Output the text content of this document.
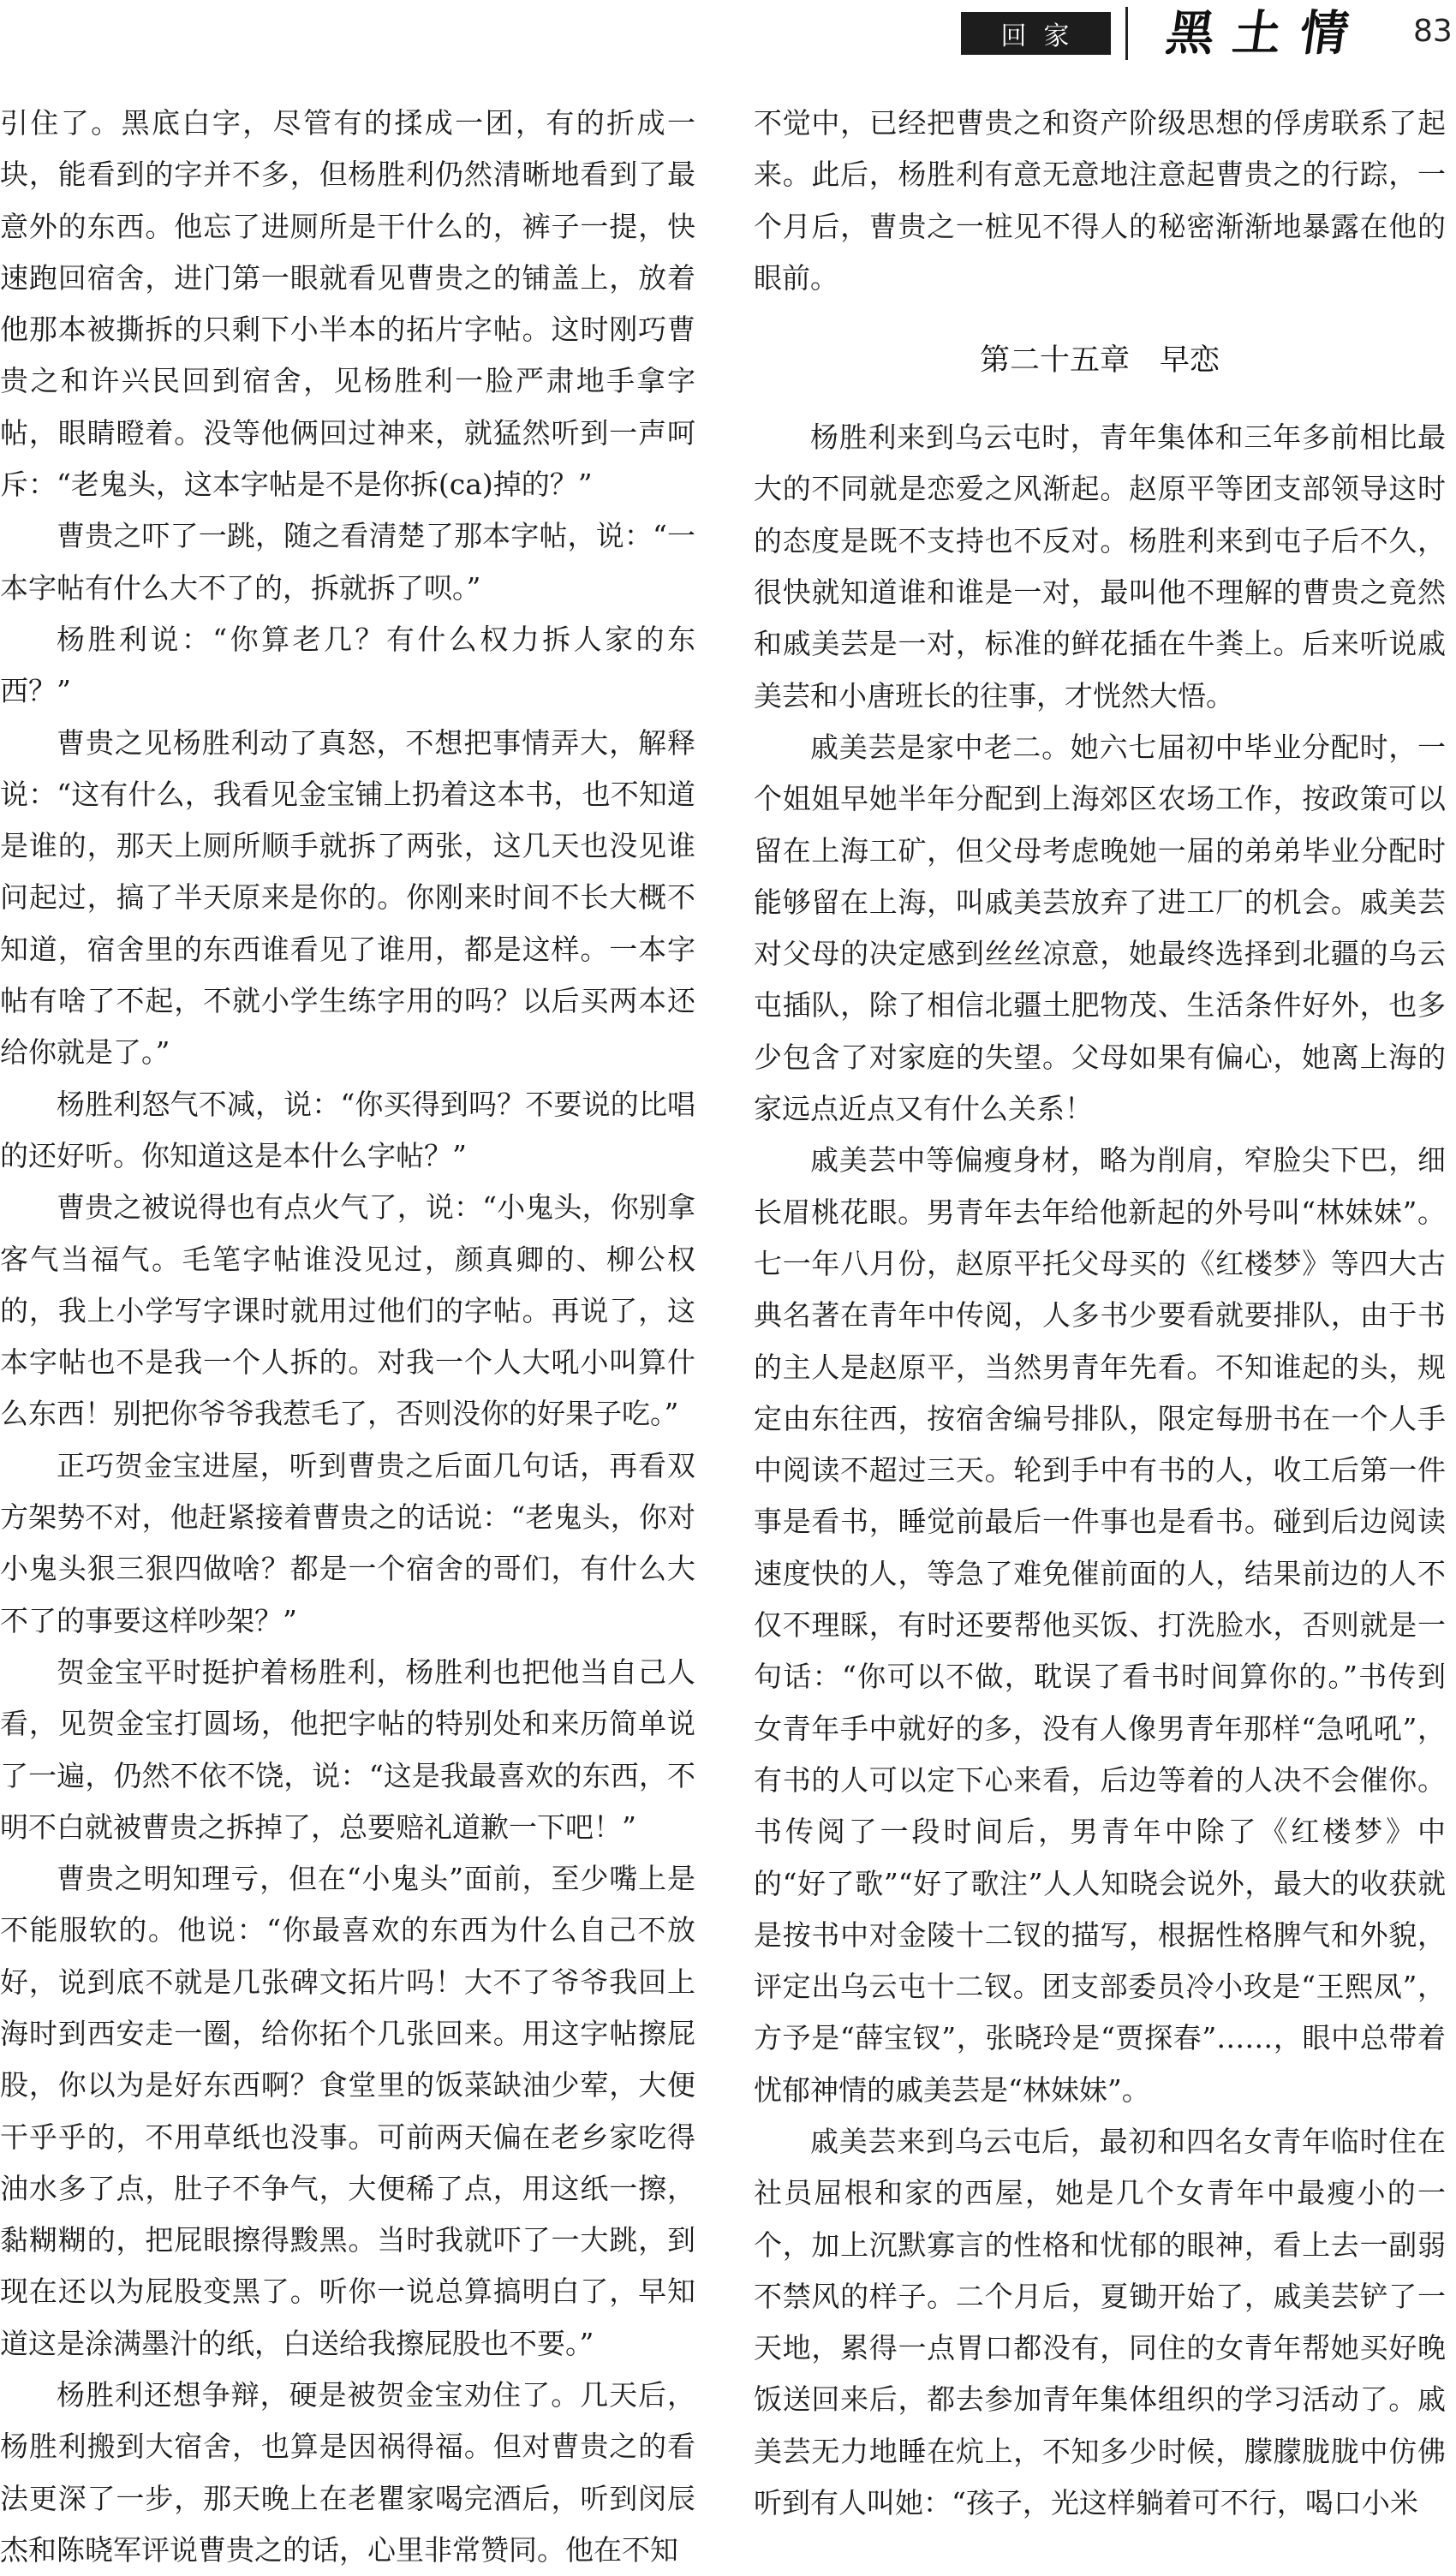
回家	黑土情 83

引住了。黑底白字，尽管有的揉成一团，有的折成一块，能看到的字并不多，但杨胜利仍然清晰地看到了最意外的东西。他忘了进厕所是干什么的，裤子一提，快速跑回宿舍，进门第一眼就看见曹贵之的铺盖上，放着他那本被撕拆的只剩下小半本的拓片字帖。这时刚巧曹贵之和许兴民回到宿舍，见杨胜利一脸严肃地手拿字帖，眼睛瞪着。没等他俩回过神来，就猛然听到一声呵斥：“老鬼头，这本字帖是不是你拆(ca)掉的？”

曹贵之吓了一跳，随之看清楚了那本字帖，说：“一本字帖有什么大不了的，拆就拆了呗。”

杨胜利说：“你算老几？有什么权力拆人家的东西？”

曹贵之见杨胜利动了真怒，不想把事情弄大，解释说：“这有什么，我看见金宝铺上扔着这本书，也不知道是谁的，那天上厕所顺手就拆了两张，这几天也没见谁问起过，搞了半天原来是你的。你刚来时间不长大概不知道，宿舍里的东西谁看见了谁用，都是这样。一本字帖有啥了不起，不就小学生练字用的吗？以后买两本还给你就是了。”

杨胜利怒气不减，说：“你买得到吗？不要说的比唱的还好听。你知道这是本什么字帖？”

曹贵之被说得也有点火气了，说：“小鬼头，你别拿客气当福气。毛笔字帖谁没见过，颜真卿的、柳公权的，我上小学写字课时就用过他们的字帖。再说了，这本字帖也不是我一个人拆的。对我一个人大吼小叫算什么东西！别把你爷爷我惹毛了，否则没你的好果子吃。”

正巧贺金宝进屋，听到曹贵之后面几句话，再看双方架势不对，他赶紧接着曹贵之的话说：“老鬼头，你对小鬼头狠三狠四做啥？都是一个宿舍的哥们，有什么大不了的事要这样吵架？”

贺金宝平时挺护着杨胜利，杨胜利也把他当自己人看，见贺金宝打圆场，他把字帖的特别处和来历简单说了一遍，仍然不依不饶，说：“这是我最喜欢的东西，不明不白就被曹贵之拆掉了，总要赔礼道歉一下吧！”

曹贵之明知理亏，但在“小鬼头”面前，至少嘴上是不能服软的。他说：“你最喜欢的东西为什么自己不放好，说到底不就是几张碑文拓片吗！大不了爷爷我回上海时到西安走一圈，给你拓个几张回来。用这字帖擦屁股，你以为是好东西啊？食堂里的饭菜缺油少荤，大便干乎乎的，不用草纸也没事。可前两天偏在老乡家吃得油水多了点，肚子不争气，大便稀了点，用这纸一擦，黏糊糊的，把屁眼擦得黢黑。当时我就吓了一大跳，到现在还以为屁股变黑了。听你一说总算搞明白了，早知道这是涂满墨汁的纸，白送给我擦屁股也不要。”

杨胜利还想争辩，硬是被贺金宝劝住了。几天后，杨胜利搬到大宿舍，也算是因祸得福。但对曹贵之的看法更深了一步，那天晚上在老瞿家喝完酒后，听到闵辰杰和陈晓军评说曹贵之的话，心里非常赞同。他在不知

不觉中，已经把曹贵之和资产阶级思想的俘虏联系了起来。此后，杨胜利有意无意地注意起曹贵之的行踪，一个月后，曹贵之一桩见不得人的秘密渐渐地暴露在他的眼前。

第二十五章　早恋

杨胜利来到乌云屯时，青年集体和三年多前相比最大的不同就是恋爱之风渐起。赵原平等团支部领导这时的态度是既不支持也不反对。杨胜利来到屯子后不久，很快就知道谁和谁是一对，最叫他不理解的曹贵之竟然和戚美芸是一对，标准的鲜花插在牛粪上。后来听说戚美芸和小唐班长的往事，才恍然大悟。

戚美芸是家中老二。她六七届初中毕业分配时，一个姐姐早她半年分配到上海郊区农场工作，按政策可以留在上海工矿，但父母考虑晚她一届的弟弟毕业分配时能够留在上海，叫戚美芸放弃了进工厂的机会。戚美芸对父母的决定感到丝丝凉意，她最终选择到北疆的乌云屯插队，除了相信北疆土肥物茂、生活条件好外，也多少包含了对家庭的失望。父母如果有偏心，她离上海的家远点近点又有什么关系！

戚美芸中等偏瘦身材，略为削肩，窄脸尖下巴，细长眉桃花眼。男青年去年给他新起的外号叫“林妹妹”。七一年八月份，赵原平托父母买的《红楼梦》等四大古典名著在青年中传阅，人多书少要看就要排队，由于书的主人是赵原平，当然男青年先看。不知谁起的头，规定由东往西，按宿舍编号排队，限定每册书在一个人手中阅读不超过三天。轮到手中有书的人，收工后第一件事是看书，睡觉前最后一件事也是看书。碰到后边阅读速度快的人，等急了难免催前面的人，结果前边的人不仅不理睬，有时还要帮他买饭、打洗脸水，否则就是一句话：“你可以不做，耽误了看书时间算你的。”书传到女青年手中就好的多，没有人像男青年那样“急吼吼”，有书的人可以定下心来看，后边等着的人决不会催你。书传阅了一段时间后，男青年中除了《红楼梦》中的“好了歌”“好了歌注”人人知晓会说外，最大的收获就是按书中对金陵十二钗的描写，根据性格脾气和外貌，评定出乌云屯十二钗。团支部委员冷小玫是“王熙凤”，方予是“薛宝钗”，张晓玲是“贾探春”……，眼中总带着忧郁神情的戚美芸是“林妹妹”。

戚美芸来到乌云屯后，最初和四名女青年临时住在社员屈根和家的西屋，她是几个女青年中最瘦小的一个，加上沉默寡言的性格和忧郁的眼神，看上去一副弱不禁风的样子。二个月后，夏锄开始了，戚美芸铲了一天地，累得一点胃口都没有，同住的女青年帮她买好晚饭送回来后，都去参加青年集体组织的学习活动了。戚美芸无力地睡在炕上，不知多少时候，朦朦胧胧中仿佛听到有人叫她：“孩子，光这样躺着可不行，喝口小米
